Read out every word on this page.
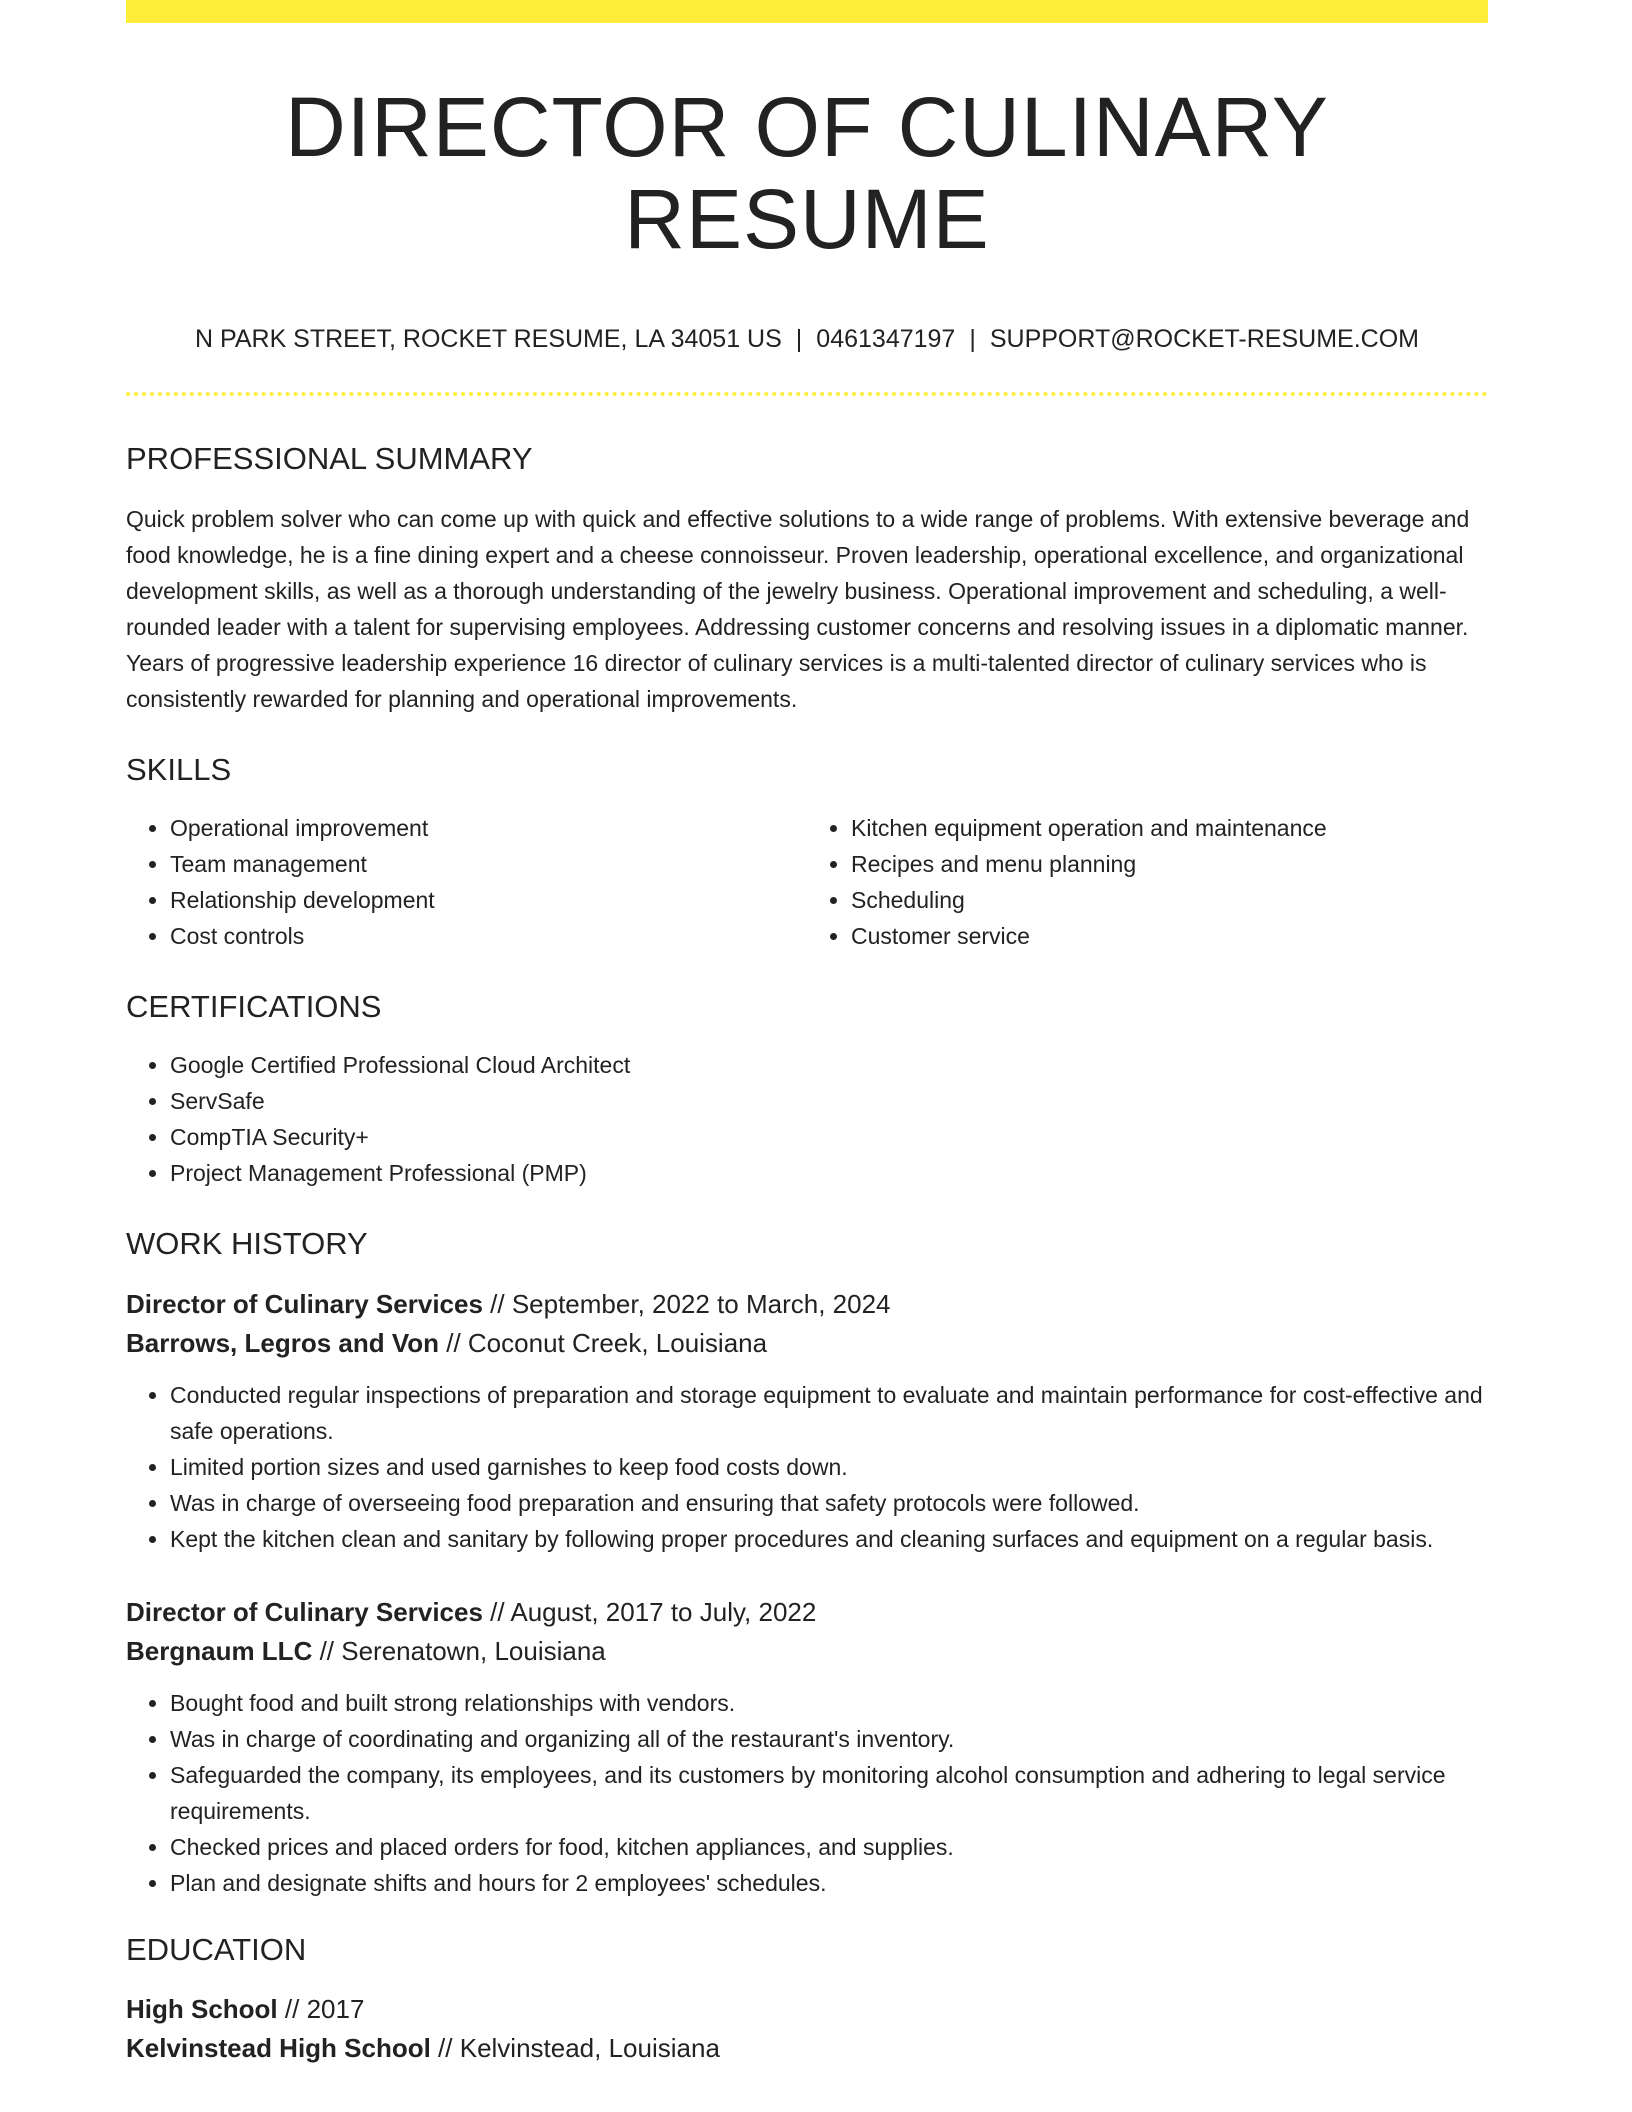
DIRECTOR OF CULINARY RESUME
N PARK STREET, ROCKET RESUME, LA 34051 US | 0461347197 | SUPPORT@ROCKET-RESUME.COM
PROFESSIONAL SUMMARY

Quick problem solver who can come up with quick and effective solutions to a wide range of problems. With extensive beverage and food knowledge, he is a fine dining expert and a cheese connoisseur. Proven leadership, operational excellence, and organizational development skills, as well as a thorough understanding of the jewelry business. Operational improvement and scheduling, a well-rounded leader with a talent for supervising employees. Addressing customer concerns and resolving issues in a diplomatic manner. Years of progressive leadership experience 16 director of culinary services is a multi-talented director of culinary services who is consistently rewarded for planning and operational improvements.

SKILLS
• Operational improvement
• Team management
• Relationship development
• Cost controls
• Kitchen equipment operation and maintenance
• Recipes and menu planning
• Scheduling
• Customer service
CERTIFICATIONS
• Google Certified Professional Cloud Architect
• ServSafe
• CompTIA Security+
• Project Management Professional (PMP)
WORK HISTORY
Director of Culinary Services // September, 2022 to March, 2024
Barrows, Legros and Von // Coconut Creek, Louisiana
• Conducted regular inspections of preparation and storage equipment to evaluate and maintain performance for cost-effective and safe operations.
• Limited portion sizes and used garnishes to keep food costs down.
• Was in charge of overseeing food preparation and ensuring that safety protocols were followed.
• Kept the kitchen clean and sanitary by following proper procedures and cleaning surfaces and equipment on a regular basis.
Director of Culinary Services // August, 2017 to July, 2022
Bergnaum LLC // Serenatown, Louisiana
• Bought food and built strong relationships with vendors.
• Was in charge of coordinating and organizing all of the restaurant's inventory.
• Safeguarded the company, its employees, and its customers by monitoring alcohol consumption and adhering to legal service requirements.
• Checked prices and placed orders for food, kitchen appliances, and supplies.
• Plan and designate shifts and hours for 2 employees' schedules.
EDUCATION
High School // 2017
Kelvinstead High School // Kelvinstead, Louisiana
